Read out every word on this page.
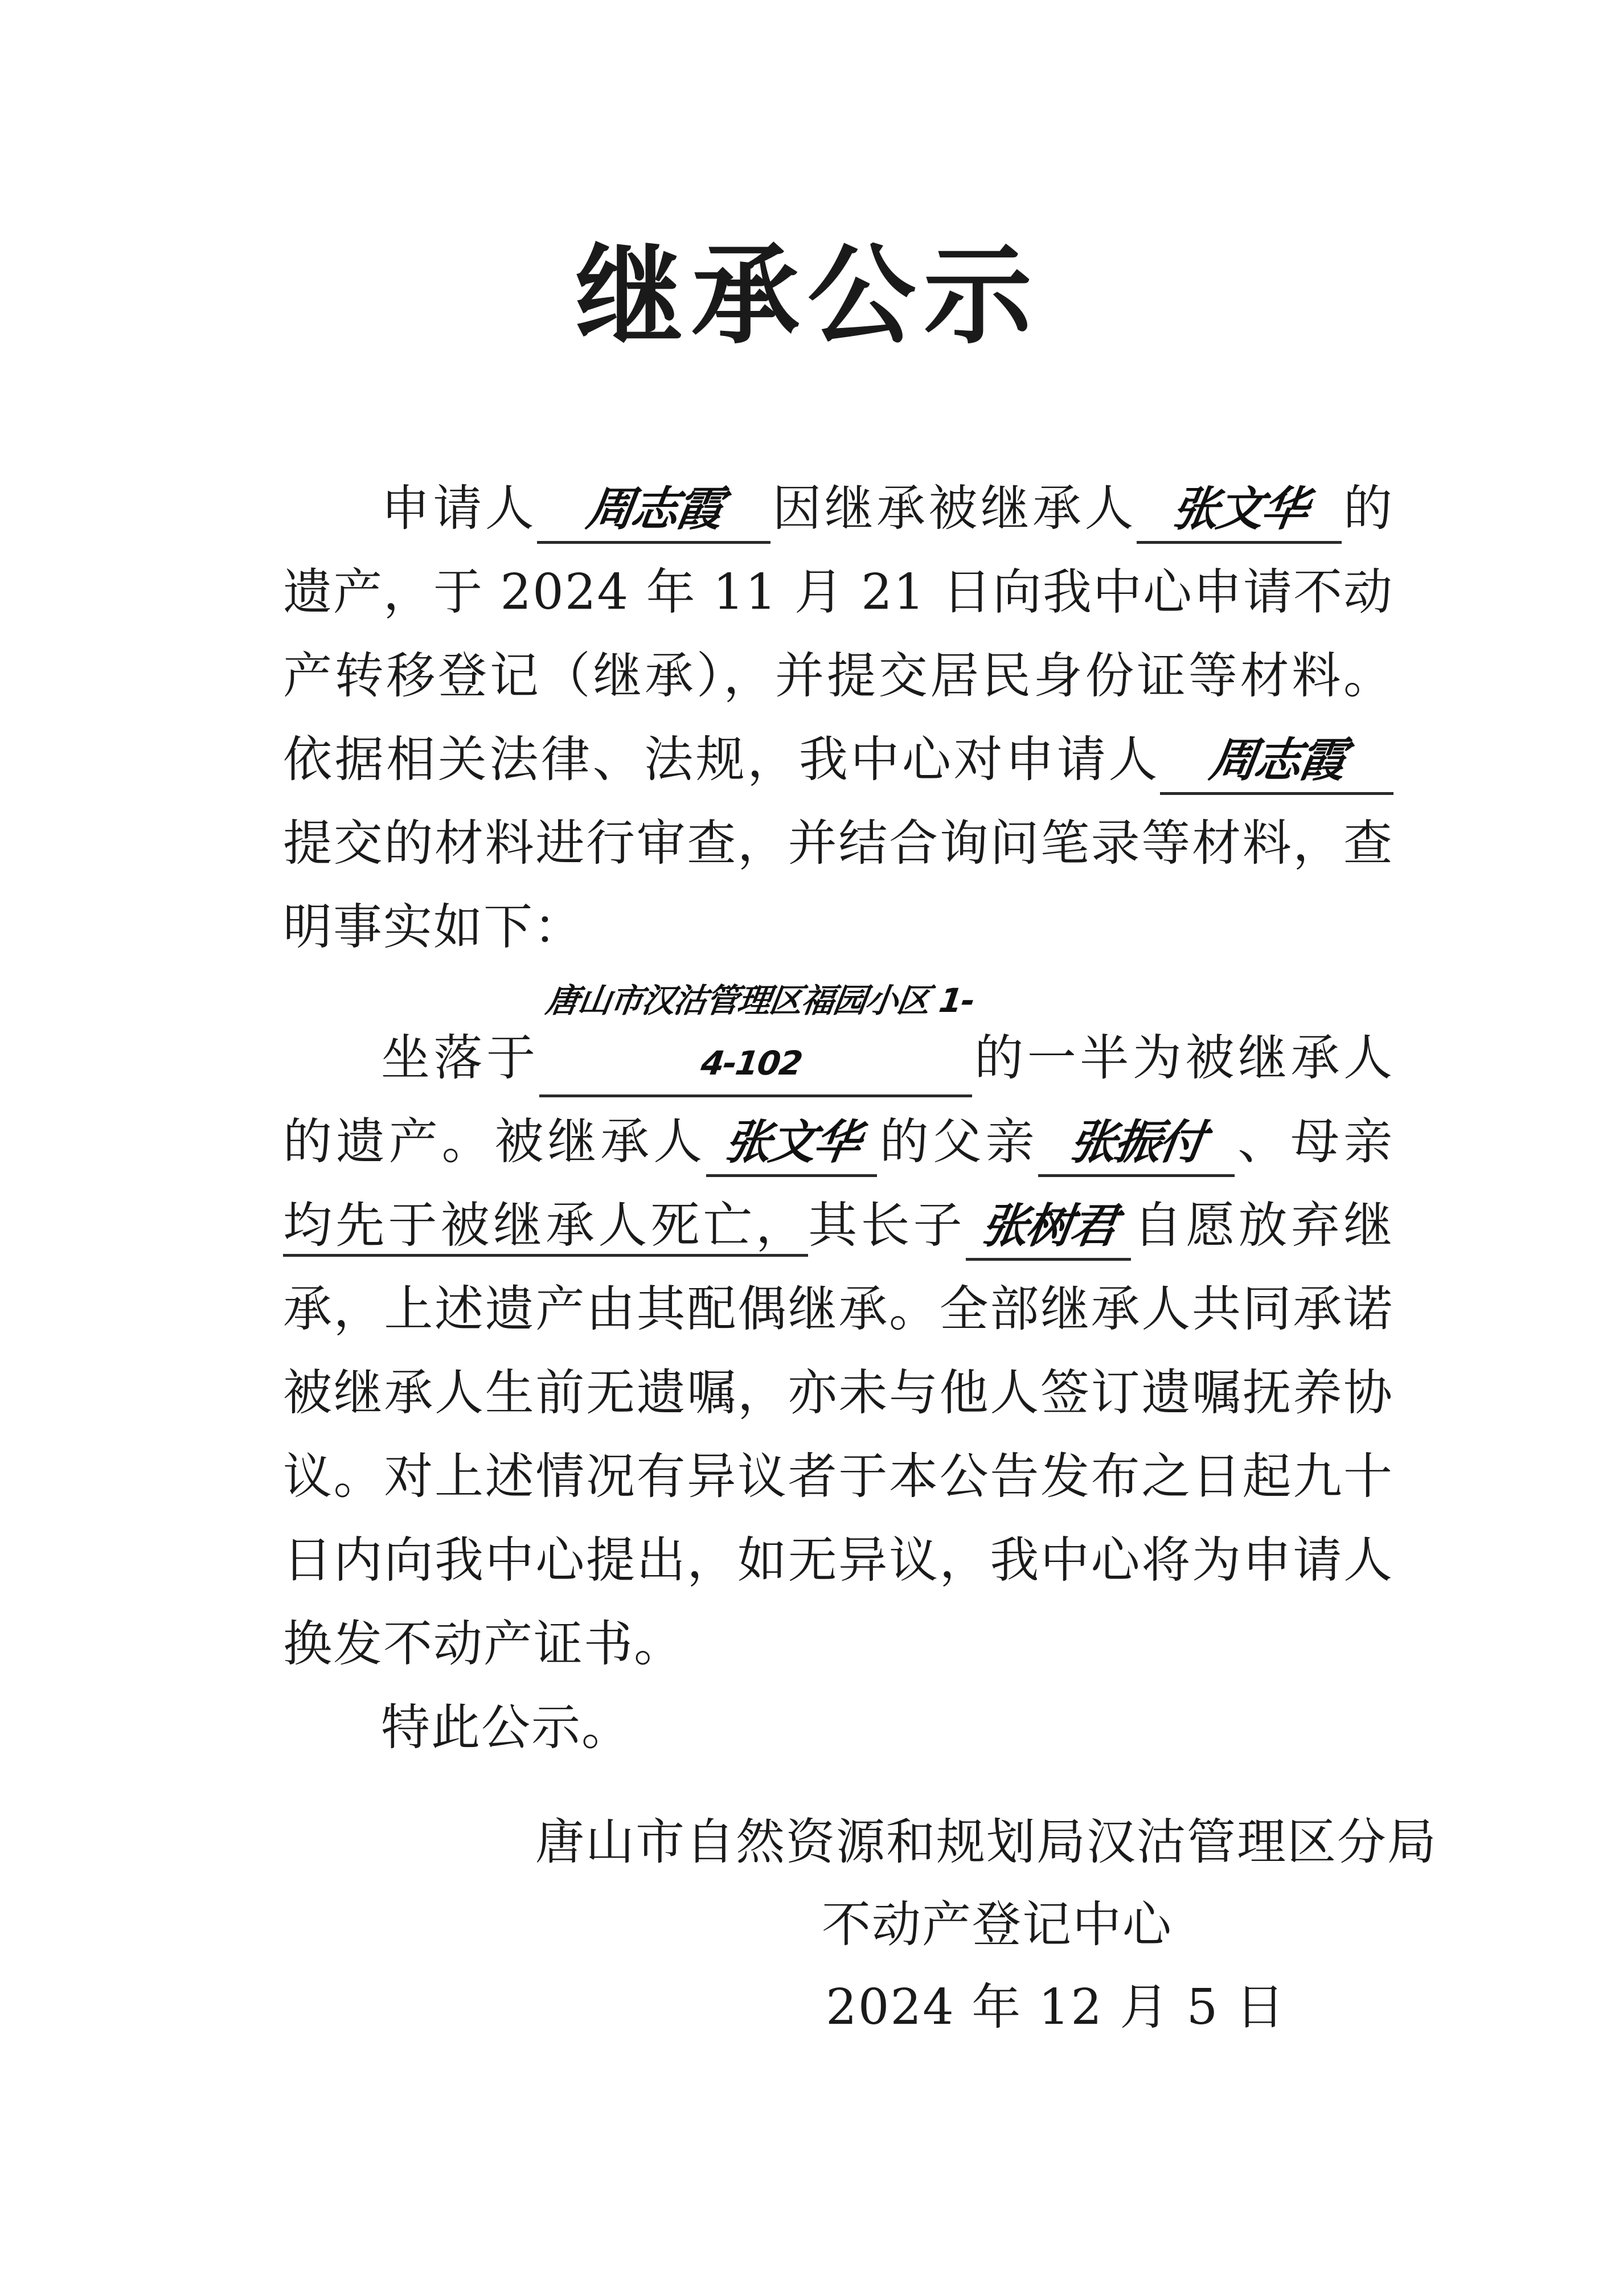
继承公示

申请人 周志霞 因继承被继承人 张文华 的遗产，于 2024 年 11 月 21 日向我中心申请不动产转移登记（继承），并提交居民身份证等材料。依据相关法律、法规，我中心对申请人 周志霞提交的材料进行审查，并结合询问笔录等材料，查明事实如下：

坐落于唐山市汉沽管理区福园小区 1-4-102	的一半为被继承人的遗产。被继承人 张文华 的父亲 张振付 、母亲均先于被继承人死亡，其长子 张树君 自愿放弃继承，上述遗产由其配偶继承。全部继承人共同承诺被继承人生前无遗嘱，亦未与他人签订遗嘱抚养协议。对上述情况有异议者于本公告发布之日起九十日内向我中心提出，如无异议，我中心将为申请人换发不动产证书。

特此公示。

唐山市自然资源和规划局汉沽管理区分局
不动产登记中心
2024 年 12 月 5 日
